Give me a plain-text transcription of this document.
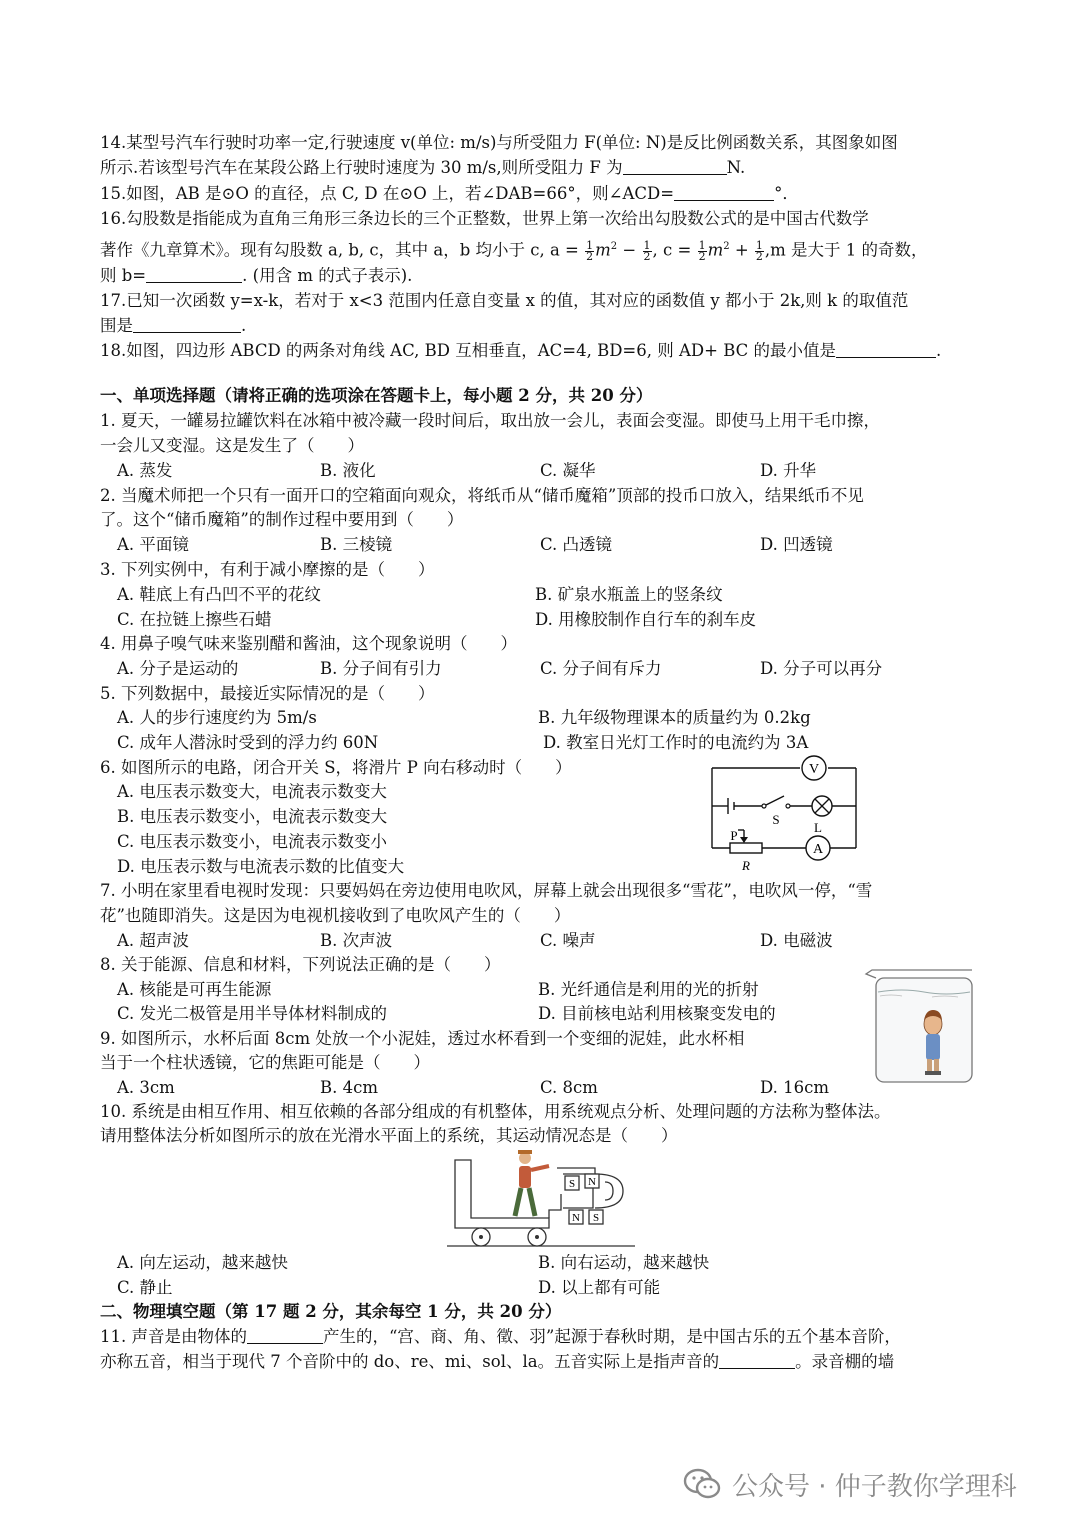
14.某型号汽车行驶时功率一定,行驶速度 v(单位: m/s)与所受阻力 F(单位: N)是反比例函数关系，其图象如图
所示.若该型号汽车在某段公路上行驶时速度为 30 m/s,则所受阻力 F 为	N.
15.如图，AB 是⊙O 的直径，点 C, D 在⊙O 上，若∠DAB=66°，则∠ACD=	°．
16.勾股数是指能成为直角三角形三条边长的三个正整数，世界上第一次给出勾股数公式的是中国古代数学
著作《九章算术》。现有勾股数 a, b, c，其中 a，b 均小于 c, $a = \frac{1}{2} m^2 - \frac{1}{2}$ , $c = \frac{1}{2} m^2 + \frac{1}{2} ,m$ 是大于 1 的奇数，
则 b=	. (用含 m 的式子表示).
17.已知一次函数 y=x-k，若对于 x<3 范围内任意自变量 x 的值，其对应的函数值 y 都小于 2k,则 k 的取值范
围是	.
18.如图，四边形 ABCD 的两条对角线 AC, BD 互相垂直，AC=4, BD=6, 则 AD+ BC 的最小值是	.
一、单项选择题（请将正确的选项涂在答题卡上，每小题 2 分，共 20 分）
1. 夏天，一罐易拉罐饮料在冰箱中被冷藏一段时间后，取出放一会儿，表面会变湿。即使马上用干毛巾擦，
一会儿又变湿。这是发生了（　　）
A. 蒸发	B. 液化	C. 凝华	D. 升华
2. 当魔术师把一个只有一面开口的空箱面向观众，将纸币从“储币魔箱”顶部的投币口放入，结果纸币不见
了。这个“储币魔箱”的制作过程中要用到（　　）
A. 平面镜	B. 三棱镜	C. 凸透镜	D. 凹透镜
3. 下列实例中，有利于减小摩擦的是（　　）
A. 鞋底上有凸凹不平的花纹	B. 矿泉水瓶盖上的竖条纹
C. 在拉链上擦些石蜡	D. 用橡胶制作自行车的刹车皮
4. 用鼻子嗅气味来鉴别醋和酱油，这个现象说明（　　）
A. 分子是运动的	B. 分子间有引力	C. 分子间有斥力	D. 分子可以再分
5. 下列数据中，最接近实际情况的是（　　）
A. 人的步行速度约为 5m/s	B. 九年级物理课本的质量约为 0.2kg
C. 成年人潜泳时受到的浮力约 60N	D. 教室日光灯工作时的电流约为 3A
6. 如图所示的电路，闭合开关 S，将滑片 P 向右移动时（　　）
A. 电压表示数变大，电流表示数变大
B. 电压表示数变小，电流表示数变大
C. 电压表示数变小，电流表示数变小
D. 电压表示数与电流表示数的比值变大
V
A
S
L
P
R
7. 小明在家里看电视时发现：只要妈妈在旁边使用电吹风，屏幕上就会出现很多“雪花”，电吹风一停，“雪
花”也随即消失。这是因为电视机接收到了电吹风产生的（　　）
A. 超声波	B. 次声波	C. 噪声	D. 电磁波
8. 关于能源、信息和材料，下列说法正确的是（　　）
A. 核能是可再生能源	B. 光纤通信是利用的光的折射
C. 发光二极管是用半导体材料制成的	D. 目前核电站利用核聚变发电的
9. 如图所示，水杯后面 8cm 处放一个小泥娃，透过水杯看到一个变细的泥娃，此水杯相
当于一个柱状透镜，它的焦距可能是（　　）
A. 3cm	B. 4cm	C. 8cm	D. 16cm
10. 系统是由相互作用、相互依赖的各部分组成的有机整体，用系统观点分析、处理问题的方法称为整体法。
请用整体法分析如图所示的放在光滑水平面上的系统，其运动情况态是（　　）
S N
N S
A. 向左运动，越来越快	B. 向右运动，越来越快
C. 静止	D. 以上都有可能
二、物理填空题（第 17 题 2 分，其余每空 1 分，共 20 分）
11. 声音是由物体的	产生的，“宫、商、角、徵、羽”起源于春秋时期，是中国古乐的五个基本音阶，
亦称五音，相当于现代 7 个音阶中的 do、re、mi、sol、la。五音实际上是指声音的	。录音棚的墙
公众号 · 仲子教你学理科
